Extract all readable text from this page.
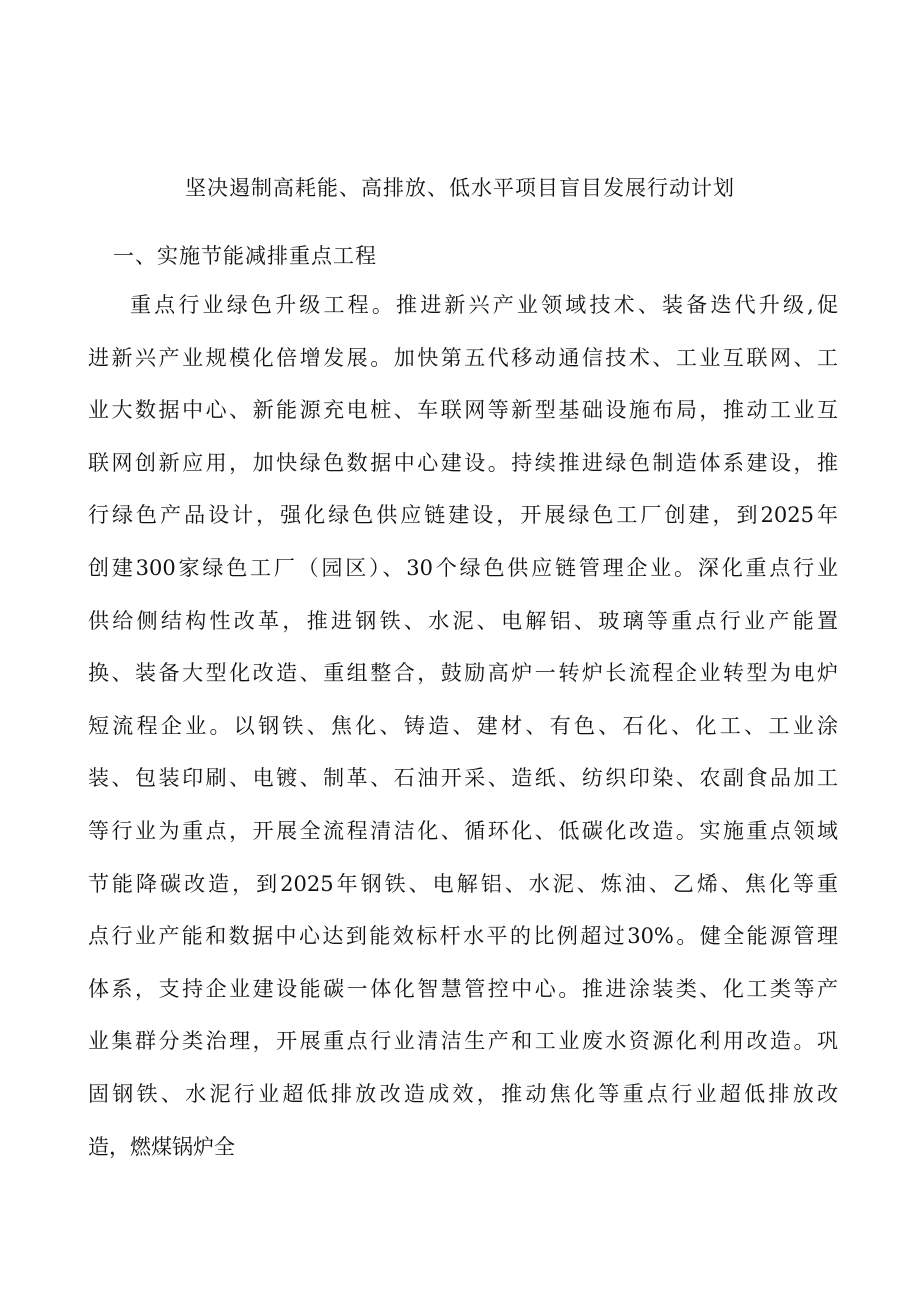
坚决遏制高耗能、高排放、低水平项目盲目发展行动计划
一、实施节能减排重点工程
重点行业绿色升级工程。推进新兴产业领域技术、装备迭代升级,促
进新兴产业规模化倍增发展。加快第五代移动通信技术、工业互联网、工
业大数据中心、新能源充电桩、车联网等新型基础设施布局，推动工业互
联网创新应用，加快绿色数据中心建设。持续推进绿色制造体系建设，推
行绿色产品设计，强化绿色供应链建设，开展绿色工厂创建，到2025年
创建300家绿色工厂（园区）、30个绿色供应链管理企业。深化重点行业
供给侧结构性改革，推进钢铁、水泥、电解铝、玻璃等重点行业产能置
换、装备大型化改造、重组整合，鼓励高炉一转炉长流程企业转型为电炉
短流程企业。以钢铁、焦化、铸造、建材、有色、石化、化工、工业涂
装、包装印刷、电镀、制革、石油开采、造纸、纺织印染、农副食品加工
等行业为重点，开展全流程清洁化、循环化、低碳化改造。实施重点领域
节能降碳改造，到2025年钢铁、电解铝、水泥、炼油、乙烯、焦化等重
点行业产能和数据中心达到能效标杆水平的比例超过30%。健全能源管理
体系，支持企业建设能碳一体化智慧管控中心。推进涂装类、化工类等产
业集群分类治理，开展重点行业清洁生产和工业废水资源化利用改造。巩
固钢铁、水泥行业超低排放改造成效，推动焦化等重点行业超低排放改
造，燃煤锅炉全
